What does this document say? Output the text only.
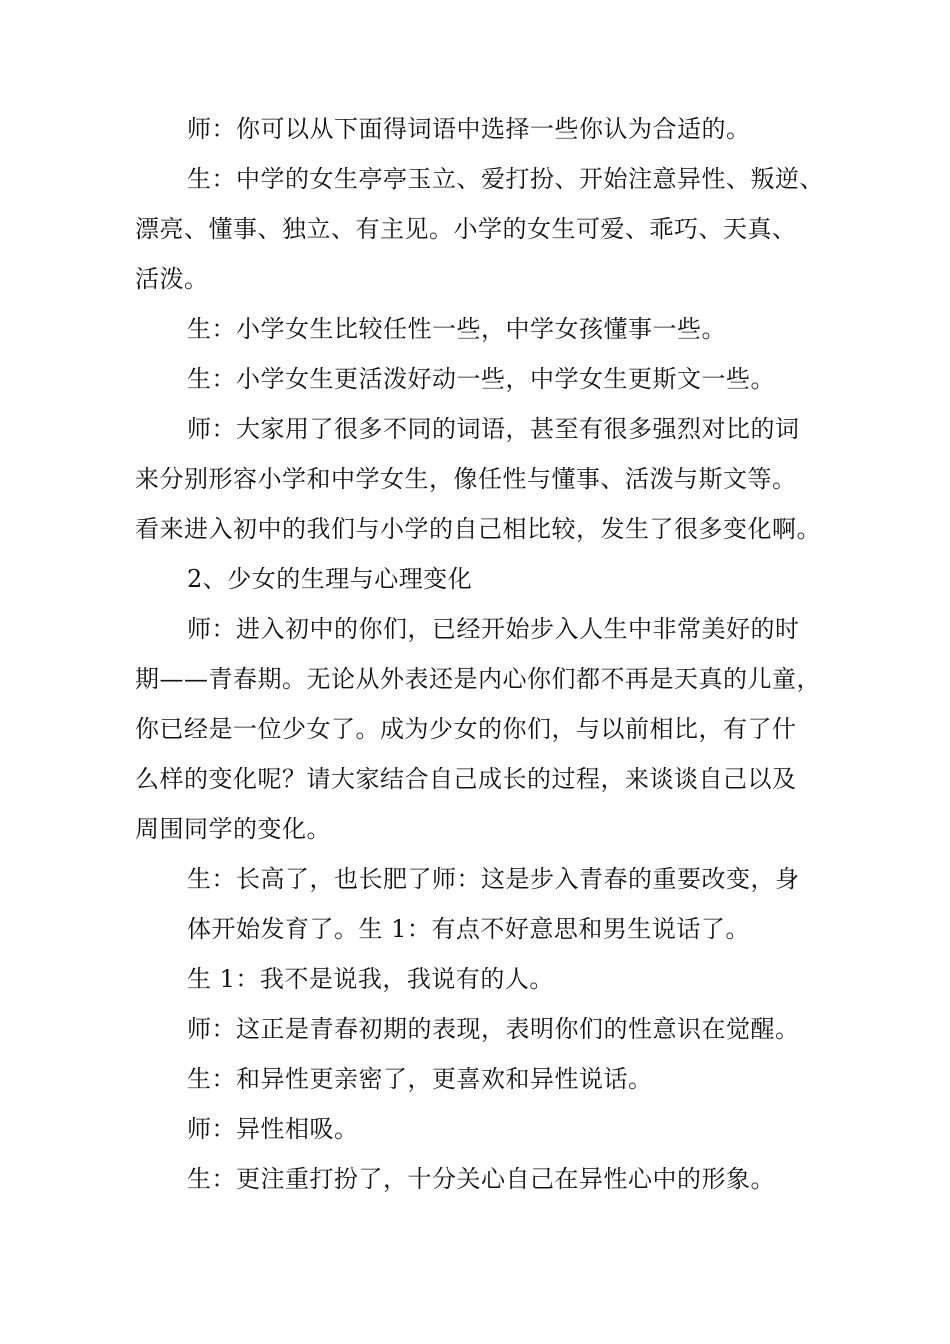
师：你可以从下面得词语中选择一些你认为合适的。
生：中学的女生亭亭玉立、爱打扮、开始注意异性、叛逆、
漂亮、懂事、独立、有主见。小学的女生可爱、乖巧、天真、
活泼。
生：小学女生比较任性一些，中学女孩懂事一些。
生：小学女生更活泼好动一些，中学女生更斯文一些。
师：大家用了很多不同的词语，甚至有很多强烈对比的词
来分别形容小学和中学女生，像任性与懂事、活泼与斯文等。
看来进入初中的我们与小学的自己相比较，发生了很多变化啊。
2、少女的生理与心理变化
师：进入初中的你们，已经开始步入人生中非常美好的时
期——青春期。无论从外表还是内心你们都不再是天真的儿童，
你已经是一位少女了。成为少女的你们，与以前相比，有了什
么样的变化呢？请大家结合自己成长的过程，来谈谈自己以及
周围同学的变化。
生：长高了，也长肥了师：这是步入青春的重要改变，身
体开始发育了。生 1：有点不好意思和男生说话了。
生 1：我不是说我，我说有的人。
师：这正是青春初期的表现，表明你们的性意识在觉醒。
生：和异性更亲密了，更喜欢和异性说话。
师：异性相吸。
生：更注重打扮了，十分关心自己在异性心中的形象。
